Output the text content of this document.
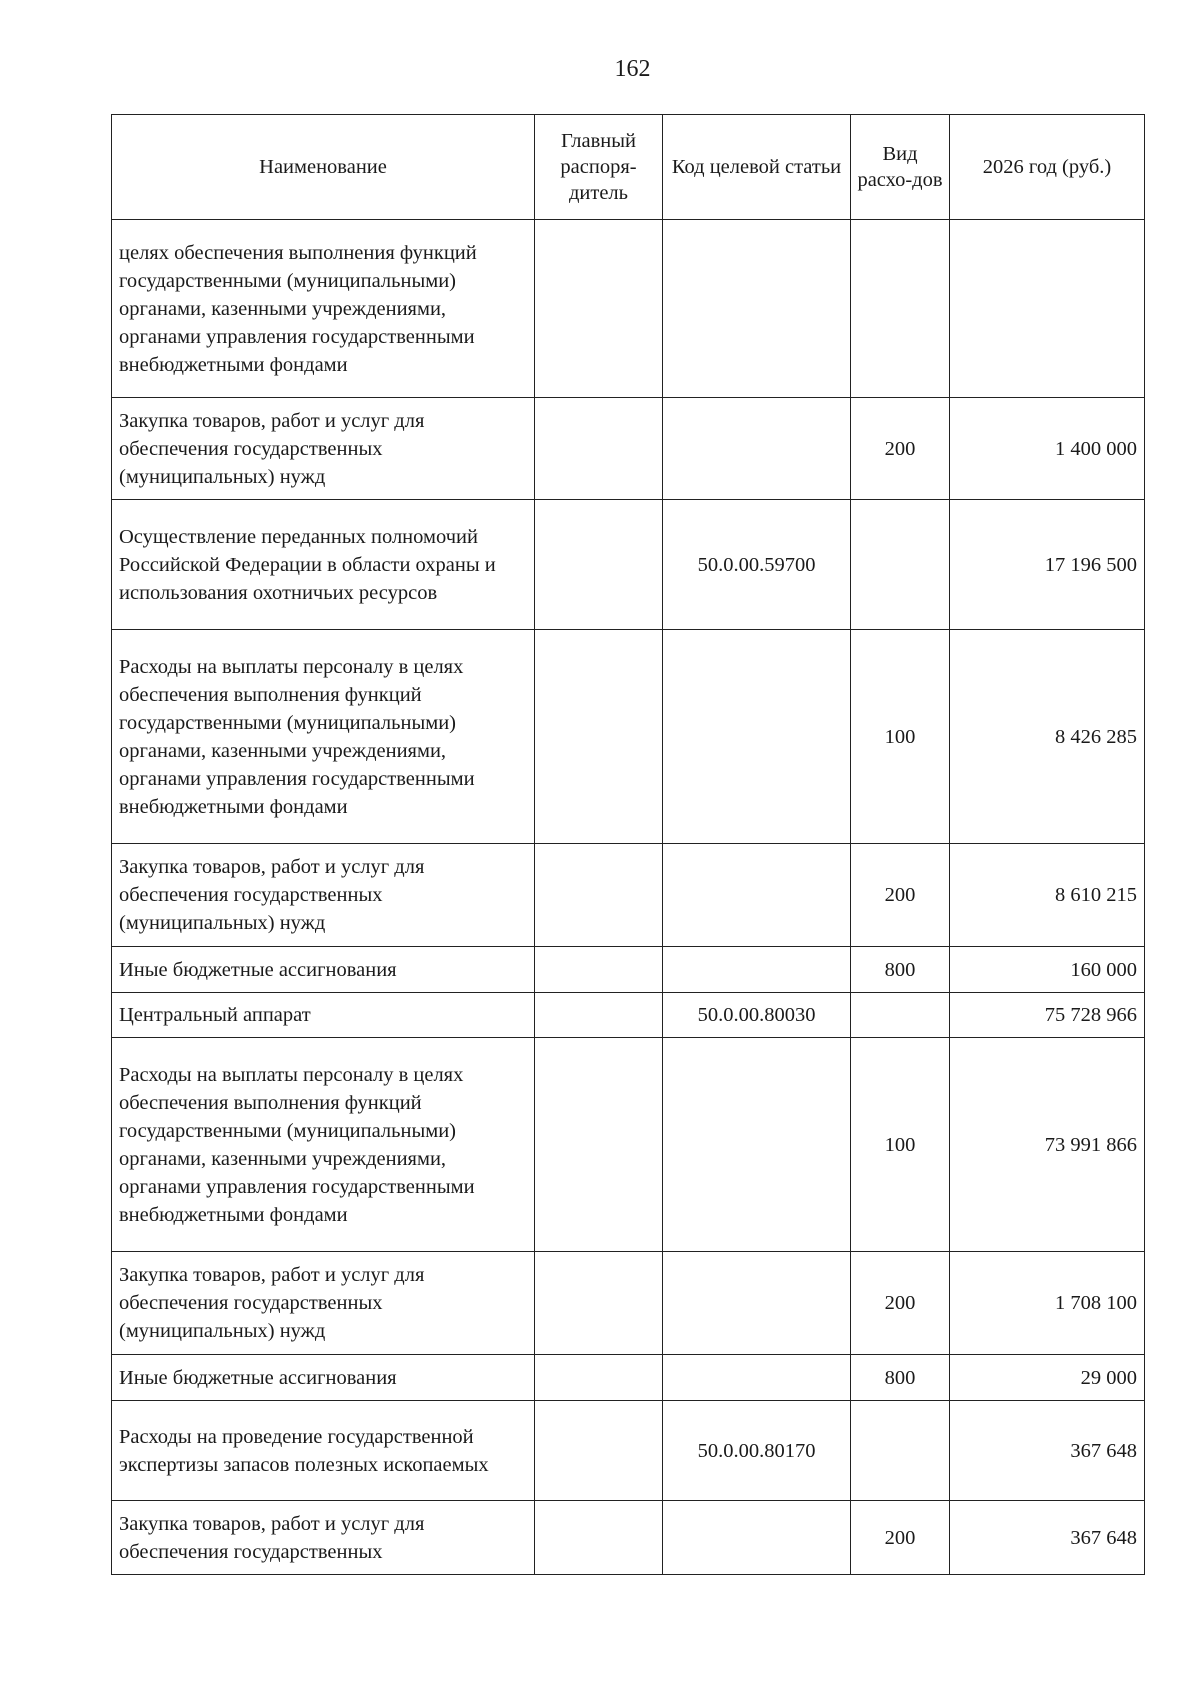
162
Наименование	Главный распоря-дитель	Код целевой статьи	Вид расхо-дов	2026 год (руб.)
целях обеспечения выполнения функций государственными (муниципальными) органами, казенными учреждениями, органами управления государственными внебюджетными фондами				
Закупка товаров, работ и услуг для обеспечения государственных (муниципальных) нужд			200	1 400 000
Осуществление переданных полномочий Российской Федерации в области охраны и использования охотничьих ресурсов		50.0.00.59700		17 196 500
Расходы на выплаты персоналу в целях обеспечения выполнения функций государственными (муниципальными) органами, казенными учреждениями, органами управления государственными внебюджетными фондами			100	8 426 285
Закупка товаров, работ и услуг для обеспечения государственных (муниципальных) нужд			200	8 610 215
Иные бюджетные ассигнования			800	160 000
Центральный аппарат		50.0.00.80030		75 728 966
Расходы на выплаты персоналу в целях обеспечения выполнения функций государственными (муниципальными) органами, казенными учреждениями, органами управления государственными внебюджетными фондами			100	73 991 866
Закупка товаров, работ и услуг для обеспечения государственных (муниципальных) нужд			200	1 708 100
Иные бюджетные ассигнования			800	29 000
Расходы на проведение государственной экспертизы запасов полезных ископаемых		50.0.00.80170		367 648
Закупка товаров, работ и услуг для обеспечения государственных			200	367 648
